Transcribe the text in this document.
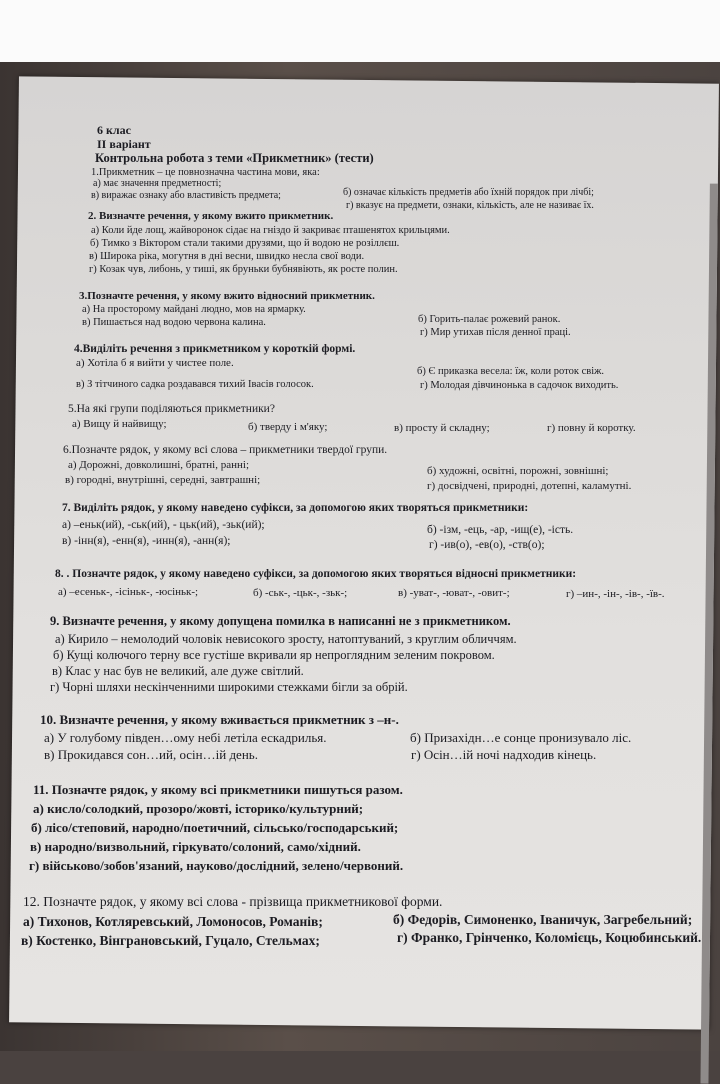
6 клас
ІІ варіант
Контрольна робота з теми «Прикметник» (тести)
1.Прикметник – це повнозначна частина мови, яка:
а) має значення предметності;
б) означає кількість предметів або їхній порядок при лічбі;
в) виражає ознаку або властивість предмета;
г) вказує на предмети, ознаки, кількість, але не називає їх.
2. Визначте речення, у якому вжито прикметник.
а) Коли йде лощ, жайворонок сідає на гніздо й закриває пташенятох крильцями.
б) Тимко з Віктором стали такими друзями, що й водою не розіллєш.
в) Широка ріка, могутня в дні весни, швидко несла свої води.
г) Козак чув, либонь, у тиші, як бруньки бубнявіють, як росте полин.
3.Позначте речення, у якому вжито відносний прикметник.
а) На просторому майдані людно, мов на ярмарку.
б) Горить-палає рожевий ранок.
в) Пишається над водою червона калина.
г) Мир утихав після денної праці.
4.Виділіть речення з прикметником у короткій формі.
а) Хотіла б я вийти у чистее поле.
б) Є приказка весела: їж, коли роток свіж.
в) З тітчиного садка роздавався тихий Івасів голосок.	г) Молодая дівчинонька в садочок виходить.
5.На які групи поділяються прикметники?
а) Вищу й найвищу;	б) тверду і м'яку;	в) просту й складну;	г) повну й коротку.
6.Позначте рядок, у якому всі слова – прикметники твердої групи.
а) Дорожні, довколишні, братні, ранні;	б) художні, освітні, порожні, зовнішні;
в) городні, внутрішні, середні, завтрашні;	г) досвідчені, природні, дотепні, каламутні.
7. Виділіть рядок, у якому наведено суфікси, за допомогою яких творяться прикметники:
а) –еньк(ий), -ськ(ий), - цьк(ий), -зьк(ий);	б) -ізм, -ець, -ар, -ищ(е), -ість.
в) -інн(я), -енн(я), -инн(я), -анн(я);	г) -ив(о), -ев(о), -ств(о);
8. . Позначте рядок, у якому наведено суфікси, за допомогою яких творяться відносні прикметники:
а) –есеньк-, -ісіньк-, -юсіньк-;	б) -ськ-, -цьк-, -зьк-;	в) -уват-, -юват-, -овит-;	г) –ин-, -ін-, -ів-, -їв-.
9. Визначте речення, у якому допущена помилка в написанні не з прикметником.
а) Кирило – немолодий чоловік невисокого зросту, натоптуваний, з круглим обличчям.
б) Кущі колючого терну все густіше вкривали яр непроглядним зеленим покровом.
в) Клас у нас був не великий, але дуже світлий.
г) Чорні шляхи нескінченними широкими стежками бігли за обрій.
10. Визначте речення, у якому вживається прикметник з –н-.
а) У голубому півден…ому небі летіла ескадрилья.	б) Призахідн…е сонце пронизувало ліс.
в) Прокидався сон…ий, осін…ій день.	г) Осін…ій ночі надходив кінець.
11. Позначте рядок, у якому всі прикметники пишуться разом.
а) кисло/солодкий, прозоро/жовті, історико/культурний;
б) лісо/степовий, народно/поетичний, сільсько/господарський;
в) народно/визвольний, гіркувато/солоний, само/хідний.
г) військово/зобов'язаний, науково/дослідний, зелено/червоний.
12. Позначте рядок, у якому всі слова - прізвища прикметникової форми.
а) Тихонов, Котляревський, Ломоносов, Романів;	б) Федорів, Симоненко, Іваничук, Загребельний;
в) Костенко, Вінграновський, Гуцало, Стельмах;	г) Франко, Грінченко, Коломієць, Коцюбинський.
